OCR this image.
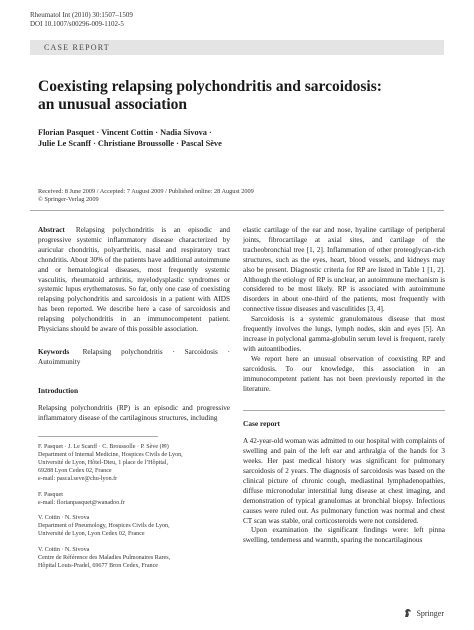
Rheumatol Int (2010) 30:1507–1509
DOI 10.1007/s00296-009-1102-5
CASE REPORT
Coexisting relapsing polychondritis and sarcoidosis:
an unusual association
Florian Pasquet · Vincent Cottin · Nadia Sivova ·
Julie Le Scanff · Christiane Broussolle · Pascal Sève
Received: 8 June 2009 / Accepted: 7 August 2009 / Published online: 28 August 2009
© Springer-Verlag 2009
Abstract   Relapsing polychondritis is an episodic and progressive systemic inflammatory disease characterized by auricular chondritis, polyarthritis, nasal and respiratory tract chondritis. About 30% of the patients have additional autoimmune and or hematological diseases, most frequently systemic vasculitis, rheumatoid arthritis, myelodysplastic syndromes or systemic lupus erythematosus. So far, only one case of coexisting relapsing polychondritis and sarcoidosis in a patient with AIDS has been reported. We describe here a case of sarcoidosis and relapsing polychondritis in an immunocompetent patient. Physicians should be aware of this possible association.
Keywords   Relapsing polychondritis · Sarcoidosis · Autoimmunity
Introduction
Relapsing polychondritis (RP) is an episodic and progressive inflammatory disease of the cartilaginous structures, including
F. Pasquet · J. Le Scanff · C. Broussolle · P. Sève (✉)
Department of Internal Medicine, Hospices Civils de Lyon,
Université de Lyon, Hôtel-Dieu, 1 place de l’Hôpital,
69288 Lyon Cedex 02, France
e-mail: pascal.seve@chu-lyon.fr
F. Pasquet
e-mail: florianpasquet@wanadoo.fr
V. Cottin · N. Sivova
Department of Pneumology, Hospices Civils de Lyon,
Université de Lyon, Lyon Cedex 02, France
V. Cottin · N. Sivova
Centre de Référence des Maladies Pulmonaires Rares,
Hôpital Louis-Pradel, 69677 Bron Cedex, France
elastic cartilage of the ear and nose, hyaline cartilage of peripheral joints, fibrocartilage at axial sites, and cartilage of the tracheobronchial tree [1, 2]. Inflammation of other proteoglycan-rich structures, such as the eyes, heart, blood vessels, and kidneys may also be present. Diagnostic criteria for RP are listed in Table 1 [1, 2]. Although the etiology of RP is unclear, an autoimmune mechanism is considered to be most likely. RP is associated with autoimmune disorders in about one-third of the patients, most frequently with connective tissue diseases and vasculitides [3, 4].
Sarcoidosis is a systemic granulomatous disease that most frequently involves the lungs, lymph nodes, skin and eyes [5]. An increase in polyclonal gamma-globulin serum level is frequent, rarely with autoantibodies.
We report here an unusual observation of coexisting RP and sarcoidosis. To our knowledge, this association in an immunocompetent patient has not been previously reported in the literature.
Case report
A 42-year-old woman was admitted to our hospital with complaints of swelling and pain of the left ear and arthralgia of the hands for 3 weeks. Her past medical history was significant for pulmonary sarcoidosis of 2 years. The diagnosis of sarcoidosis was based on the clinical picture of chronic cough, mediastinal lymphadenopathies, diffuse micronodular interstitial lung disease at chest imaging, and demonstration of typical granulomas at bronchial biopsy. Infectious causes were ruled out. As pulmonary function was normal and chest CT scan was stable, oral corticosteroids were not considered.
Upon examination the significant findings were: left pinna swelling, tenderness and warmth, sparing the noncartilaginous
Springer
